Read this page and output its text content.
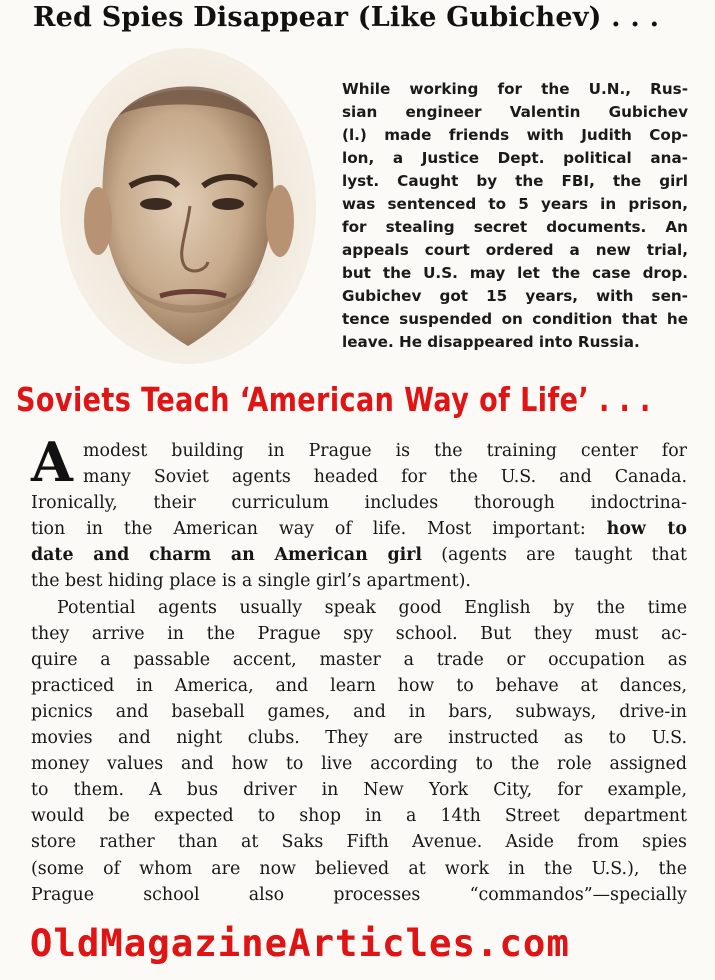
Red Spies Disappear (Like Gubichev) . . .
While working for the U.N., Rus-
sian engineer Valentin Gubichev
(l.) made friends with Judith Cop-
lon, a Justice Dept. political ana-
lyst. Caught by the FBI, the girl
was sentenced to 5 years in prison,
for stealing secret documents. An
appeals court ordered a new trial,
but the U.S. may let the case drop.
Gubichev got 15 years, with sen-
tence suspended on condition that he
leave. He disappeared into Russia.
Soviets Teach ‘American Way of Life’ . . .
A modest building in Prague is the training center for
many Soviet agents headed for the U.S. and Canada.
Ironically, their curriculum includes thorough indoctrina-
tion in the American way of life. Most important: how to
date and charm an American girl (agents are taught that
the best hiding place is a single girl’s apartment).
Potential agents usually speak good English by the time
they arrive in the Prague spy school. But they must ac-
quire a passable accent, master a trade or occupation as
practiced in America, and learn how to behave at dances,
picnics and baseball games, and in bars, subways, drive-in
movies and night clubs. They are instructed as to U.S.
money values and how to live according to the role assigned
to them. A bus driver in New York City, for example,
would be expected to shop in a 14th Street department
store rather than at Saks Fifth Avenue. Aside from spies
(some of whom are now believed at work in the U.S.), the
Prague school also processes “commandos”—specially
OldMagazineArticles.com
